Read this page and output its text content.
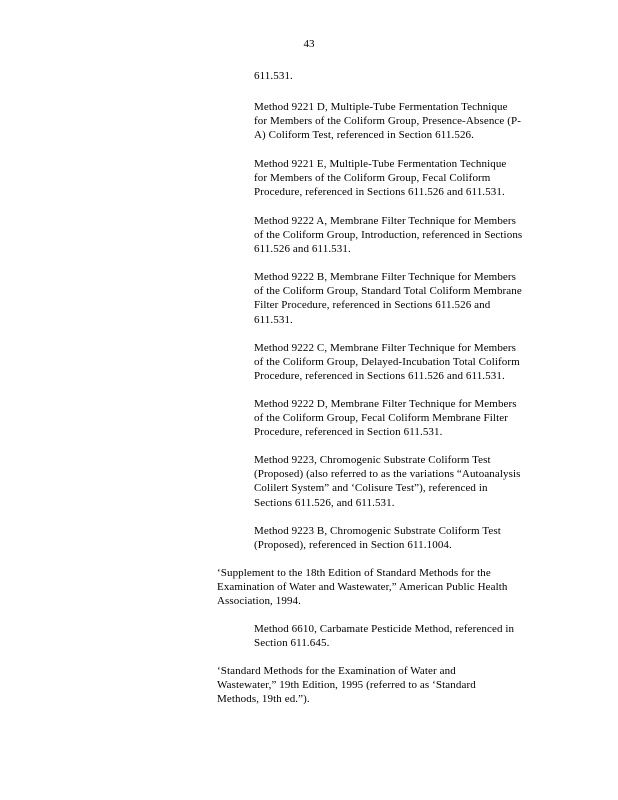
43
611.531.
Method 9221 D, Multiple-Tube Fermentation Technique
for Members of the Coliform Group, Presence-Absence (P-
A) Coliform Test, referenced in Section 611.526.
Method 9221 E, Multiple-Tube Fermentation Technique
for Members of the Coliform Group, Fecal Coliform
Procedure, referenced in Sections 611.526 and 611.531.
Method 9222 A, Membrane Filter Technique for Members
of the Coliform Group, Introduction, referenced in Sections
611.526 and 611.531.
Method 9222 B, Membrane Filter Technique for Members
of the Coliform Group, Standard Total Coliform Membrane
Filter Procedure, referenced in Sections 611.526 and
611.531.
Method 9222 C, Membrane Filter Technique for Members
of the Coliform Group, Delayed-Incubation Total Coliform
Procedure, referenced in Sections 611.526 and 611.531.
Method 9222 D, Membrane Filter Technique for Members
of the Coliform Group, Fecal Coliform Membrane Filter
Procedure, referenced in Section 611.531.
Method 9223, Chromogenic Substrate Coliform Test
(Proposed) (also referred to as the variations “Autoanalysis
Colilert System” and ‘Colisure Test”), referenced in
Sections 611.526, and 611.531.
Method 9223 B, Chromogenic Substrate Coliform Test
(Proposed), referenced in Section 611.1004.
‘Supplement to the 18th Edition of Standard Methods for the
Examination of Water and Wastewater,” American Public Health
Association, 1994.
Method 6610, Carbamate Pesticide Method, referenced in
Section 611.645.
‘Standard Methods for the Examination of Water and
Wastewater,” 19th Edition, 1995 (referred to as ‘Standard
Methods, 19th ed.”).
